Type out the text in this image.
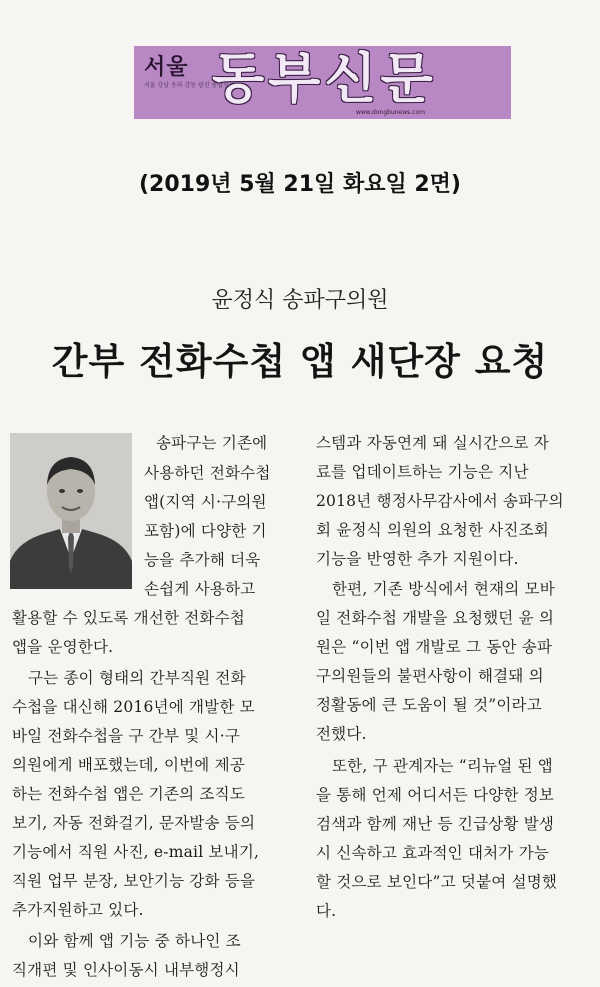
서울
서울 강남 송파 강동 광진 종합신문
동부신문
www.dongbunews.com
(2019년 5월 21일 화요일 2면)
윤정식 송파구의원
간부 전화수첩 앱 새단장 요청
송파구는 기존에
사용하던 전화수첩
앱(지역 시·구의원
포함)에 다양한 기
능을 추가해 더욱
손쉽게 사용하고
활용할 수 있도록 개선한 전화수첩
앱을 운영한다.
구는 종이 형태의 간부직원 전화
수첩을 대신해 2016년에 개발한 모
바일 전화수첩을 구 간부 및 시·구
의원에게 배포했는데, 이번에 제공
하는 전화수첩 앱은 기존의 조직도
보기, 자동 전화걸기, 문자발송 등의
기능에서 직원 사진, e-mail 보내기,
직원 업무 분장, 보안기능 강화 등을
추가지원하고 있다.
이와 함께 앱 기능 중 하나인 조
직개편 및 인사이동시 내부행정시
스템과 자동연계 돼 실시간으로 자
료를 업데이트하는 기능은 지난
2018년 행정사무감사에서 송파구의
회 윤정식 의원의 요청한 사진조회
기능을 반영한 추가 지원이다.
한편, 기존 방식에서 현재의 모바
일 전화수첩 개발을 요청했던 윤 의
원은 “이번 앱 개발로 그 동안 송파
구의원들의 불편사항이 해결돼 의
정활동에 큰 도움이 될 것”이라고
전했다.
또한, 구 관계자는 “리뉴얼 된 앱
을 통해 언제 어디서든 다양한 정보
검색과 함께 재난 등 긴급상황 발생
시 신속하고 효과적인 대처가 가능
할 것으로 보인다”고 덧붙여 설명했
다.
